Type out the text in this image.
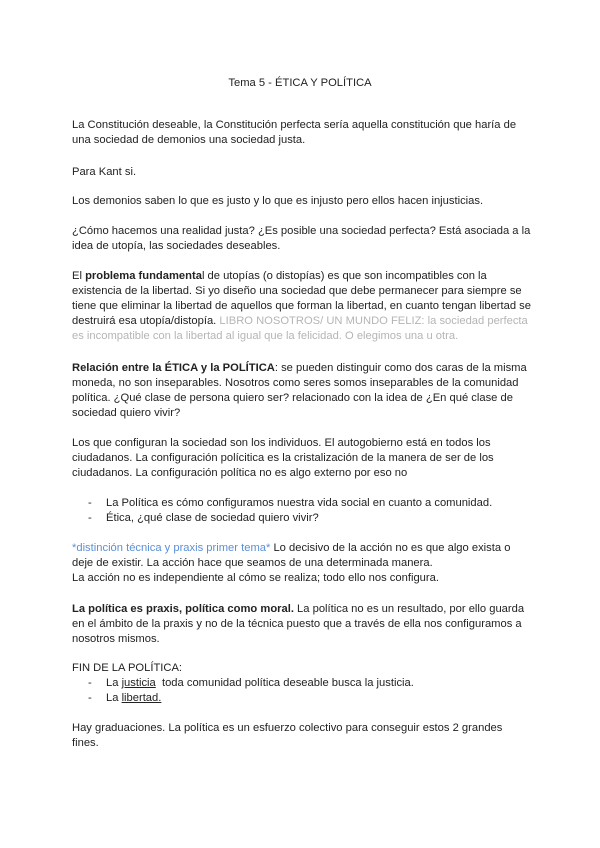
Tema 5 - ÉTICA Y POLÍTICA
La Constitución deseable, la Constitución perfecta sería aquella constitución que haría de una sociedad de demonios una sociedad justa.
Para Kant si.
Los demonios saben lo que es justo y lo que es injusto pero ellos hacen injusticias.
¿Cómo hacemos una realidad justa? ¿Es posible una sociedad perfecta? Está asociada a la idea de utopía, las sociedades deseables.
El problema fundamental de utopías (o distopías) es que son incompatibles con la existencia de la libertad. Si yo diseño una sociedad que debe permanecer para siempre se tiene que eliminar la libertad de aquellos que forman la libertad, en cuanto tengan libertad se destruirá esa utopía/distopía. LIBRO NOSOTROS/ UN MUNDO FELIZ: la sociedad perfecta es incompatible con la libertad al igual que la felicidad. O elegimos una u otra.
Relación entre la ÉTICA y la POLÍTICA: se pueden distinguir como dos caras de la misma moneda, no son inseparables. Nosotros como seres somos inseparables de la comunidad política. ¿Qué clase de persona quiero ser? relacionado con la idea de ¿En qué clase de sociedad quiero vivir?
Los que configuran la sociedad son los individuos. El autogobierno está en todos los ciudadanos. La configuración polícitica es la cristalización de la manera de ser de los ciudadanos. La configuración política no es algo externo por eso no
- La Política es cómo configuramos nuestra vida social en cuanto a comunidad.
- Ética, ¿qué clase de sociedad quiero vivir?
*distinción técnica y praxis primer tema* Lo decisivo de la acción no es que algo exista o deje de existir. La acción hace que seamos de una determinada manera.
La acción no es independiente al cómo se realiza; todo ello nos configura.
La política es praxis, política como moral. La política no es un resultado, por ello guarda en el ámbito de la praxis y no de la técnica puesto que a través de ella nos configuramos a nosotros mismos.
FIN DE LA POLÍTICA:
- La justicia  toda comunidad política deseable busca la justicia.
- La libertad.
Hay graduaciones. La política es un esfuerzo colectivo para conseguir estos 2 grandes fines.
